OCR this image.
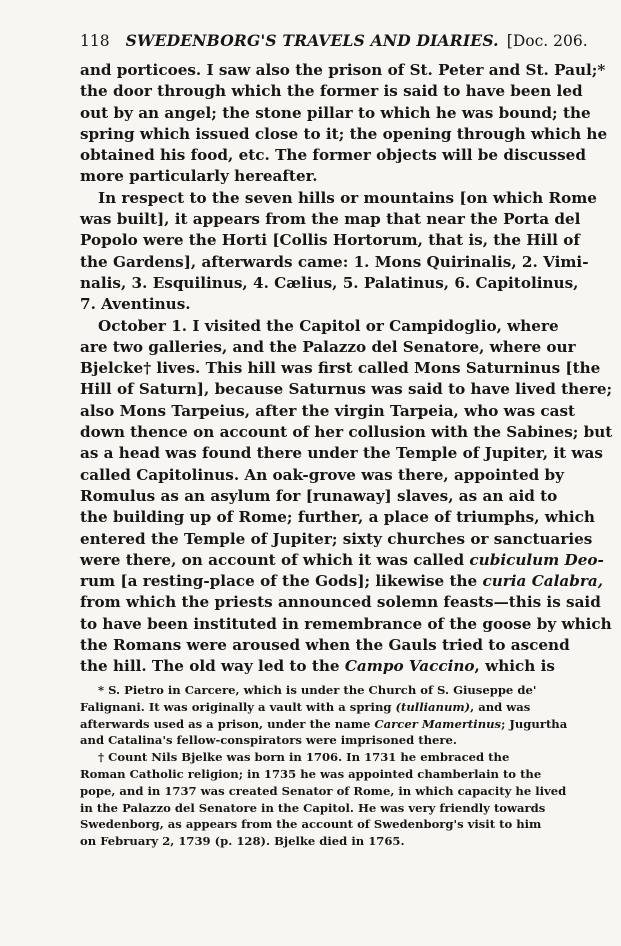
118 SWEDENBORG'S TRAVELS AND DIARIES. [Doc. 206.
and porticoes. I saw also the prison of St. Peter and St. Paul;*
the door through which the former is said to have been led
out by an angel; the stone pillar to which he was bound; the
spring which issued close to it; the opening through which he
obtained his food, etc. The former objects will be discussed
more particularly hereafter.
In respect to the seven hills or mountains [on which Rome
was built], it appears from the map that near the Porta del
Popolo were the Horti [Collis Hortorum, that is, the Hill of
the Gardens], afterwards came: 1. Mons Quirinalis, 2. Vimi-
nalis, 3. Esquilinus, 4. Cælius, 5. Palatinus, 6. Capitolinus,
7. Aventinus.
October 1. I visited the Capitol or Campidoglio, where
are two galleries, and the Palazzo del Senatore, where our
Bjelcke† lives. This hill was first called Mons Saturninus [the
Hill of Saturn], because Saturnus was said to have lived there;
also Mons Tarpeius, after the virgin Tarpeia, who was cast
down thence on account of her collusion with the Sabines; but
as a head was found there under the Temple of Jupiter, it was
called Capitolinus. An oak-grove was there, appointed by
Romulus as an asylum for [runaway] slaves, as an aid to
the building up of Rome; further, a place of triumphs, which
entered the Temple of Jupiter; sixty churches or sanctuaries
were there, on account of which it was called cubiculum Deo-
rum [a resting-place of the Gods]; likewise the curia Calabra,
from which the priests announced solemn feasts—this is said
to have been instituted in remembrance of the goose by which
the Romans were aroused when the Gauls tried to ascend
the hill. The old way led to the Campo Vaccino, which is
* S. Pietro in Carcere, which is under the Church of S. Giuseppe de'
Falignani. It was originally a vault with a spring (tullianum), and was
afterwards used as a prison, under the name Carcer Mamertinus; Jugurtha
and Catalina's fellow-conspirators were imprisoned there.
† Count Nils Bjelke was born in 1706. In 1731 he embraced the
Roman Catholic religion; in 1735 he was appointed chamberlain to the
pope, and in 1737 was created Senator of Rome, in which capacity he lived
in the Palazzo del Senatore in the Capitol. He was very friendly towards
Swedenborg, as appears from the account of Swedenborg's visit to him
on February 2, 1739 (p. 128). Bjelke died in 1765.
